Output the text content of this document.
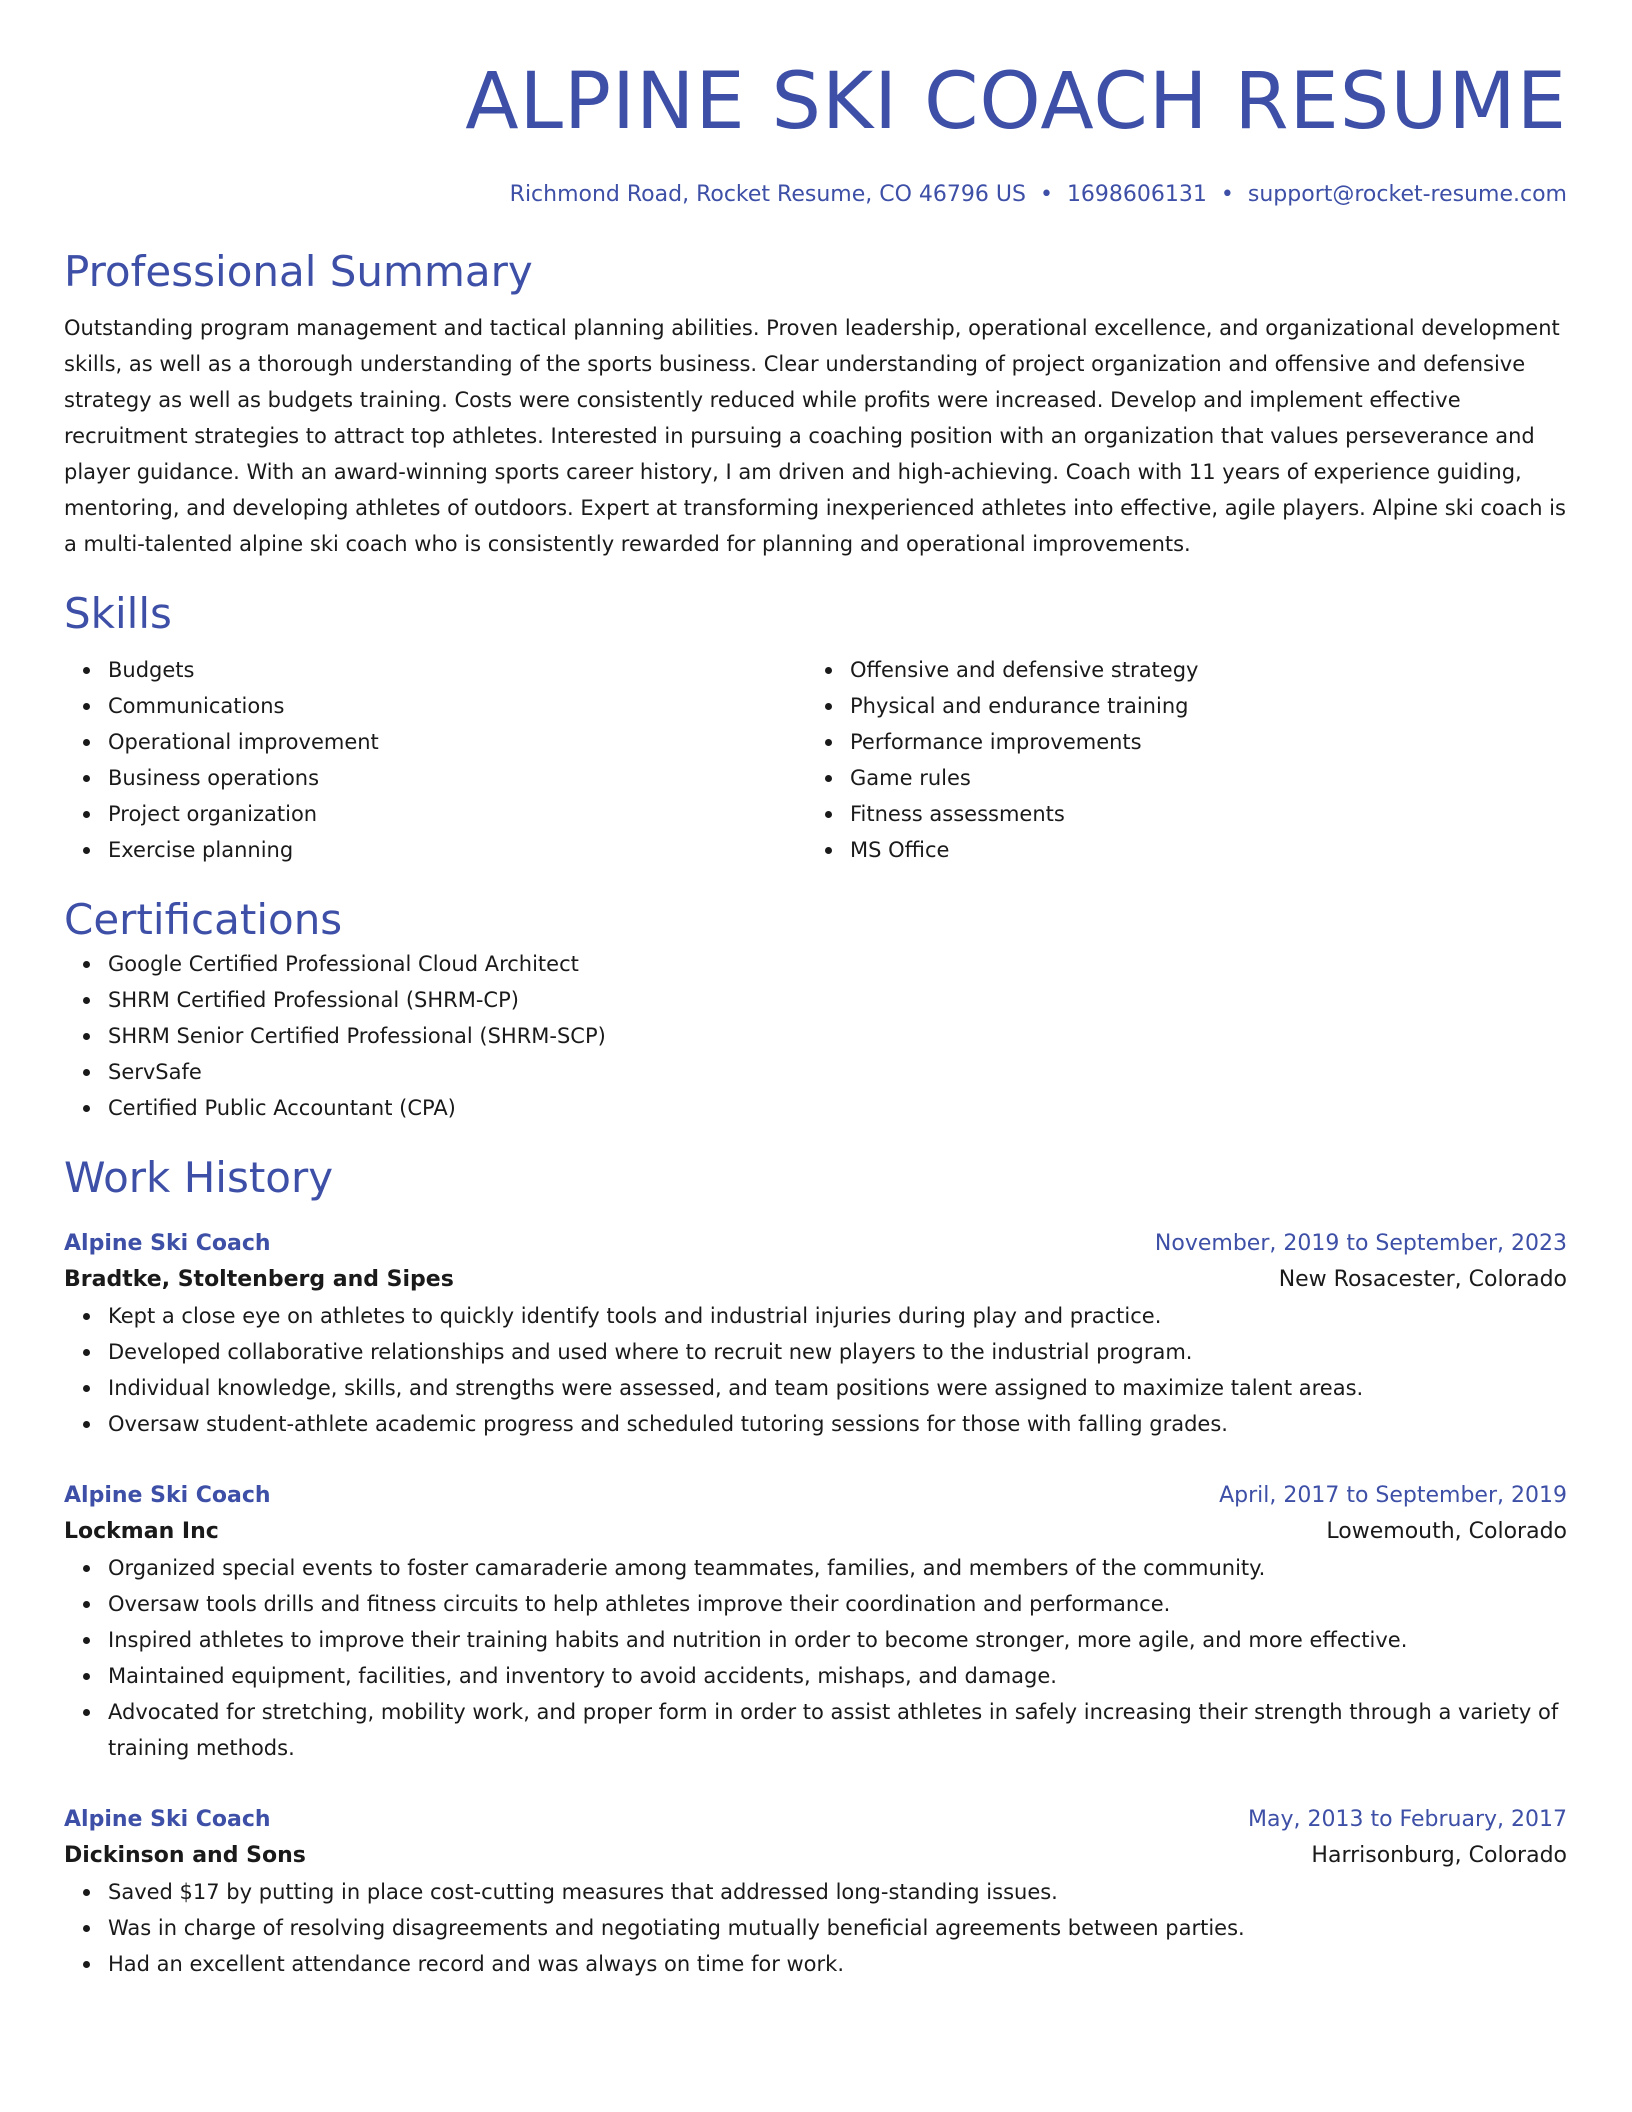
ALPINE SKI COACH RESUME
Richmond Road, Rocket Resume, CO 46796 US • 1698606131 • support@rocket-resume.com
Professional Summary

Outstanding program management and tactical planning abilities. Proven leadership, operational excellence, and organizational development skills, as well as a thorough understanding of the sports business. Clear understanding of project organization and offensive and defensive strategy as well as budgets training. Costs were consistently reduced while profits were increased. Develop and implement effective recruitment strategies to attract top athletes. Interested in pursuing a coaching position with an organization that values perseverance and player guidance. With an award-winning sports career history, I am driven and high-achieving. Coach with 11 years of experience guiding, mentoring, and developing athletes of outdoors. Expert at transforming inexperienced athletes into effective, agile players. Alpine ski coach is a multi-talented alpine ski coach who is consistently rewarded for planning and operational improvements.

Skills
Budgets
Communications
Operational improvement
Business operations
Project organization
Exercise planning
Offensive and defensive strategy
Physical and endurance training
Performance improvements
Game rules
Fitness assessments
MS Office
Certifications
Google Certified Professional Cloud Architect
SHRM Certified Professional (SHRM-CP)
SHRM Senior Certified Professional (SHRM-SCP)
ServSafe
Certified Public Accountant (CPA)
Work History
Alpine Ski Coach	November, 2019 to September, 2023
Bradtke, Stoltenberg and Sipes	New Rosacester, Colorado
Kept a close eye on athletes to quickly identify tools and industrial injuries during play and practice.
Developed collaborative relationships and used where to recruit new players to the industrial program.
Individual knowledge, skills, and strengths were assessed, and team positions were assigned to maximize talent areas.
Oversaw student-athlete academic progress and scheduled tutoring sessions for those with falling grades.
Alpine Ski Coach	April, 2017 to September, 2019
Lockman Inc	Lowemouth, Colorado
Organized special events to foster camaraderie among teammates, families, and members of the community.
Oversaw tools drills and fitness circuits to help athletes improve their coordination and performance.
Inspired athletes to improve their training habits and nutrition in order to become stronger, more agile, and more effective.
Maintained equipment, facilities, and inventory to avoid accidents, mishaps, and damage.
Advocated for stretching, mobility work, and proper form in order to assist athletes in safely increasing their strength through a variety of training methods.
Alpine Ski Coach	May, 2013 to February, 2017
Dickinson and Sons	Harrisonburg, Colorado
Saved $17 by putting in place cost-cutting measures that addressed long-standing issues.
Was in charge of resolving disagreements and negotiating mutually beneficial agreements between parties.
Had an excellent attendance record and was always on time for work.
